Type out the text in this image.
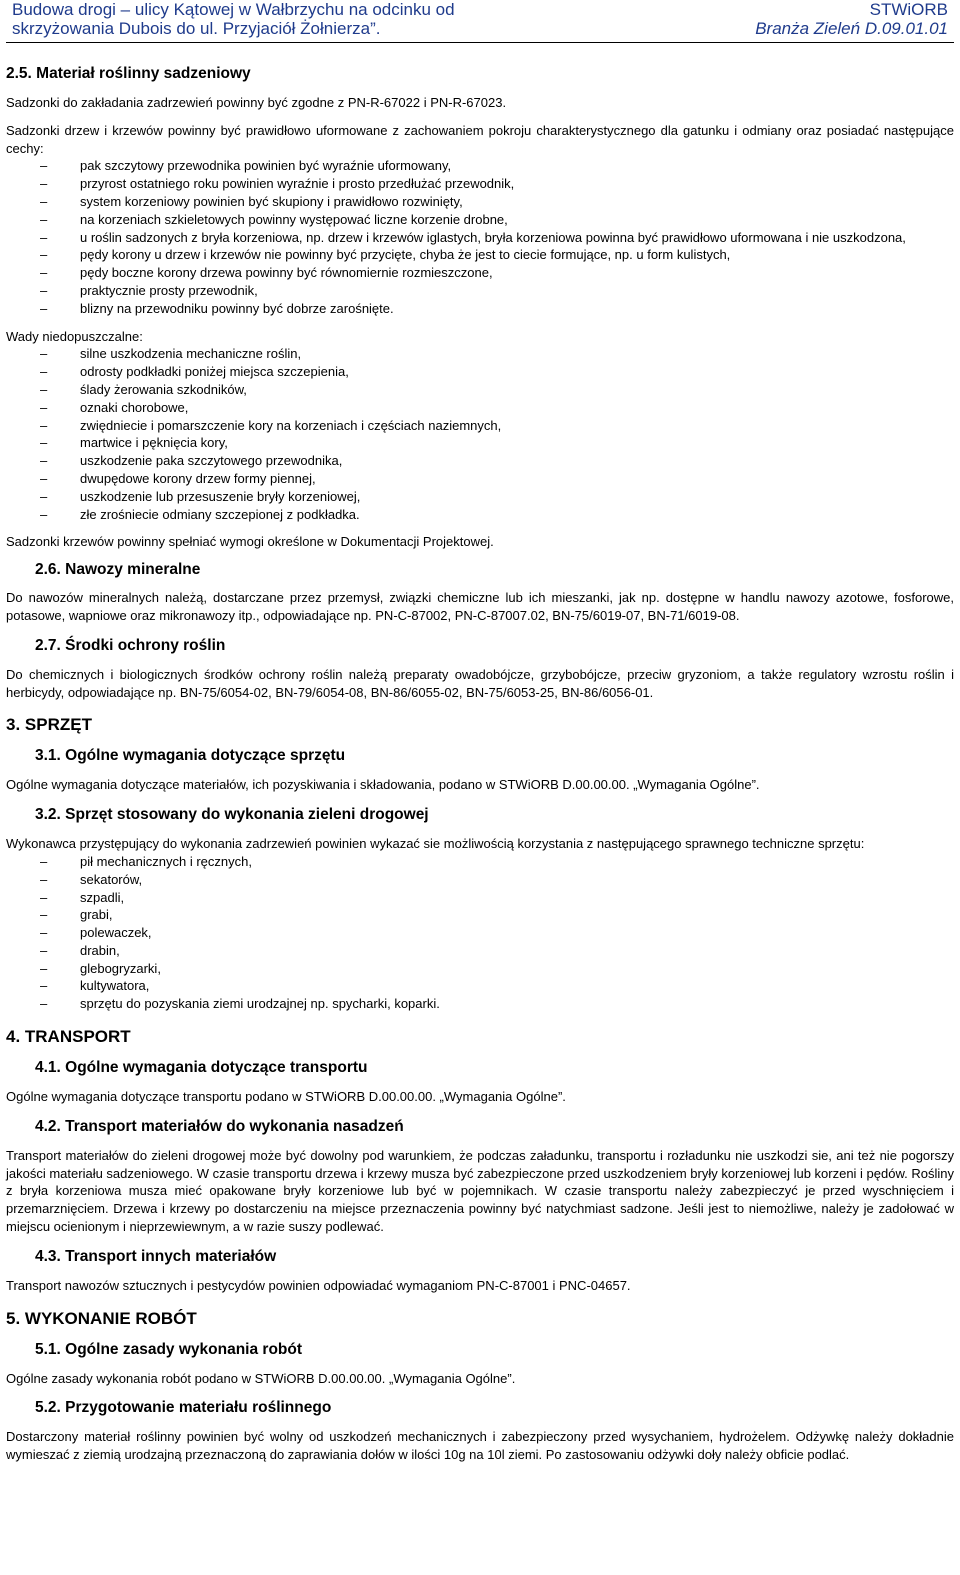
Budowa drogi – ulicy Kątowej w Wałbrzychu na odcinku od
skrzyżowania Dubois do ul. Przyjaciół Żołnierza”.
STWiORB
Branża Zieleń D.09.01.01
2.5. Materiał roślinny sadzeniowy

Sadzonki do zakładania zadrzewień powinny być zgodne z PN-R-67022 i PN-R-67023.

Sadzonki drzew i krzewów powinny być prawidłowo uformowane z zachowaniem pokroju charakterystycznego dla gatunku i odmiany oraz posiadać następujące cechy:

– pak szczytowy przewodnika powinien być wyraźnie uformowany,
– przyrost ostatniego roku powinien wyraźnie i prosto przedłużać przewodnik,
– system korzeniowy powinien być skupiony i prawidłowo rozwinięty,
– na korzeniach szkieletowych powinny występować liczne korzenie drobne,
– u roślin sadzonych z bryła korzeniowa, np. drzew i krzewów iglastych, bryła korzeniowa powinna być prawidłowo uformowana i nie uszkodzona,
– pędy korony u drzew i krzewów nie powinny być przycięte, chyba że jest to ciecie formujące, np. u form kulistych,
– pędy boczne korony drzewa powinny być równomiernie rozmieszczone,
– praktycznie prosty przewodnik,
– blizny na przewodniku powinny być dobrze zarośnięte.

Wady niedopuszczalne:

– silne uszkodzenia mechaniczne roślin,
– odrosty podkładki poniżej miejsca szczepienia,
– ślady żerowania szkodników,
– oznaki chorobowe,
– zwiędniecie i pomarszczenie kory na korzeniach i częściach naziemnych,
– martwice i pęknięcia kory,
– uszkodzenie paka szczytowego przewodnika,
– dwupędowe korony drzew formy piennej,
– uszkodzenie lub przesuszenie bryły korzeniowej,
– złe zrośniecie odmiany szczepionej z podkładka.

Sadzonki krzewów powinny spełniać wymogi określone w Dokumentacji Projektowej.

2.6. Nawozy mineralne

Do nawozów mineralnych należą, dostarczane przez przemysł, związki chemiczne lub ich mieszanki, jak np. dostępne w handlu nawozy azotowe, fosforowe, potasowe, wapniowe oraz mikronawozy itp., odpowiadające np. PN-C-87002, PN-C-87007.02, BN-75/6019-07, BN-71/6019-08.

2.7. Środki ochrony roślin

Do chemicznych i biologicznych środków ochrony roślin należą preparaty owadobójcze, grzybobójcze, przeciw gryzoniom, a także regulatory wzrostu roślin i herbicydy, odpowiadające np. BN-75/6054-02, BN-79/6054-08, BN-86/6055-02, BN-75/6053-25, BN-86/6056-01.

3. SPRZĘT
3.1. Ogólne wymagania dotyczące sprzętu

Ogólne wymagania dotyczące materiałów, ich pozyskiwania i składowania, podano w STWiORB D.00.00.00. „Wymagania Ogólne”.

3.2. Sprzęt stosowany do wykonania zieleni drogowej

Wykonawca przystępujący do wykonania zadrzewień powinien wykazać sie możliwością korzystania z następującego sprawnego techniczne sprzętu:

– pił mechanicznych i ręcznych,
– sekatorów,
– szpadli,
– grabi,
– polewaczek,
– drabin,
– glebogryzarki,
– kultywatora,
– sprzętu do pozyskania ziemi urodzajnej np. spycharki, koparki.
4. TRANSPORT
4.1. Ogólne wymagania dotyczące transportu

Ogólne wymagania dotyczące transportu podano w STWiORB D.00.00.00. „Wymagania Ogólne”.

4.2. Transport materiałów do wykonania nasadzeń

Transport materiałów do zieleni drogowej może być dowolny pod warunkiem, że podczas załadunku, transportu i rozładunku nie uszkodzi sie, ani też nie pogorszy jakości materiału sadzeniowego. W czasie transportu drzewa i krzewy musza być zabezpieczone przed uszkodzeniem bryły korzeniowej lub korzeni i pędów. Rośliny z bryła korzeniowa musza mieć opakowane bryły korzeniowe lub być w pojemnikach. W czasie transportu należy zabezpieczyć je przed wyschnięciem i przemarznięciem. Drzewa i krzewy po dostarczeniu na miejsce przeznaczenia powinny być natychmiast sadzone. Jeśli jest to niemożliwe, należy je zadołować w miejscu ocienionym i nieprzewiewnym, a w razie suszy podlewać.

4.3. Transport innych materiałów

Transport nawozów sztucznych i pestycydów powinien odpowiadać wymaganiom PN-C-87001 i PNC-04657.

5. WYKONANIE ROBÓT
5.1. Ogólne zasady wykonania robót

Ogólne zasady wykonania robót podano w STWiORB D.00.00.00. „Wymagania Ogólne”.

5.2. Przygotowanie materiału roślinnego

Dostarczony materiał roślinny powinien być wolny od uszkodzeń mechanicznych i zabezpieczony przed wysychaniem, hydrożelem. Odżywkę należy dokładnie wymieszać z ziemią urodzajną przeznaczoną do zaprawiania dołów w ilości 10g na 10l ziemi. Po zastosowaniu odżywki doły należy obficie podlać.
